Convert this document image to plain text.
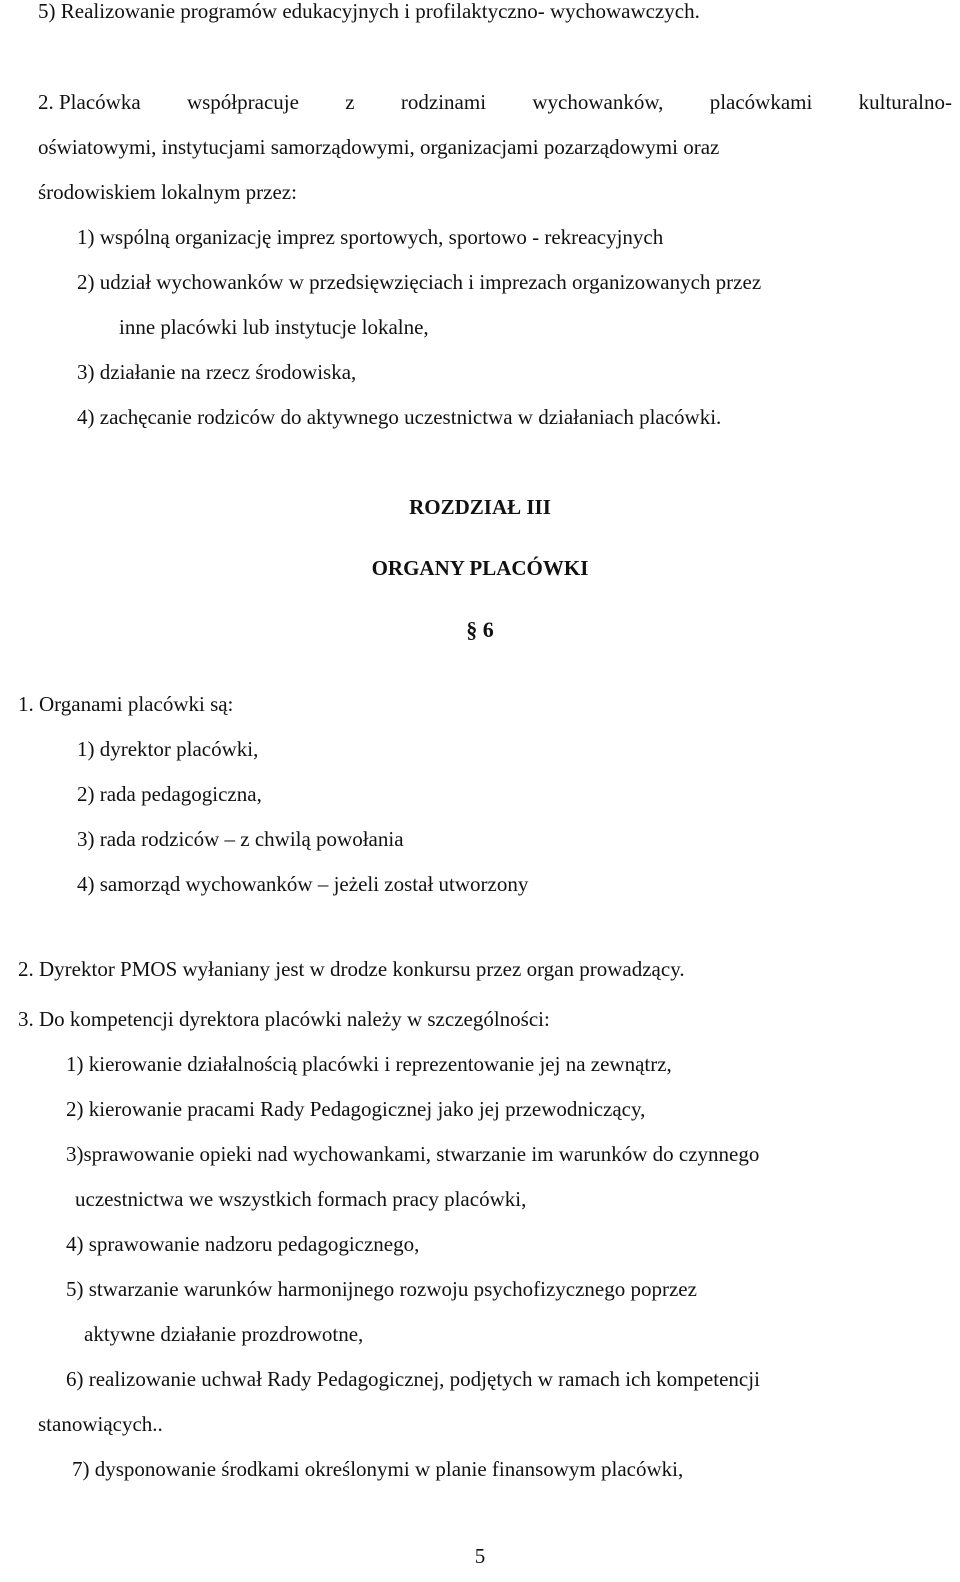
5) Realizowanie programów edukacyjnych i profilaktyczno- wychowawczych.
2. Placówka współpracuje z rodzinami wychowanków, placówkami kulturalno-
oświatowymi, instytucjami samorządowymi, organizacjami pozarządowymi oraz
środowiskiem lokalnym przez:
1) wspólną organizację imprez sportowych, sportowo - rekreacyjnych
2) udział wychowanków w przedsięwzięciach i imprezach organizowanych przez
inne placówki lub instytucje lokalne,
3) działanie na rzecz środowiska,
4) zachęcanie rodziców do aktywnego uczestnictwa w działaniach placówki.
ROZDZIAŁ III
ORGANY PLACÓWKI
§ 6
1. Organami placówki są:
1) dyrektor placówki,
2) rada pedagogiczna,
3) rada rodziców – z chwilą powołania
4) samorząd wychowanków – jeżeli został utworzony
2. Dyrektor PMOS wyłaniany jest w drodze konkursu przez organ prowadzący.
3. Do kompetencji dyrektora placówki należy w szczególności:
1) kierowanie działalnością placówki i reprezentowanie jej na zewnątrz,
2) kierowanie pracami Rady Pedagogicznej jako jej przewodniczący,
3)sprawowanie opieki nad wychowankami, stwarzanie im warunków do czynnego
uczestnictwa we wszystkich formach pracy placówki,
4) sprawowanie nadzoru pedagogicznego,
5) stwarzanie warunków harmonijnego rozwoju psychofizycznego poprzez
aktywne działanie prozdrowotne,
6) realizowanie uchwał Rady Pedagogicznej, podjętych w ramach ich kompetencji
stanowiących..
7) dysponowanie środkami określonymi w planie finansowym placówki,
5
